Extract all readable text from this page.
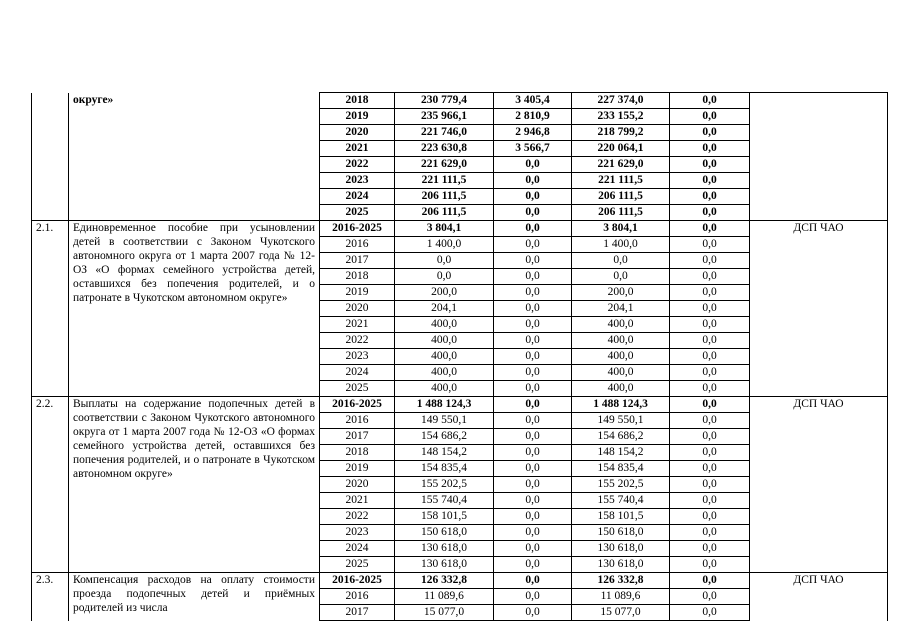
	округе»	2018	230 779,4	3 405,4	227 374,0	0,0	
		2019	235 966,1	2 810,9	233 155,2	0,0	
		2020	221 746,0	2 946,8	218 799,2	0,0	
		2021	223 630,8	3 566,7	220 064,1	0,0	
		2022	221 629,0	0,0	221 629,0	0,0	
		2023	221 111,5	0,0	221 111,5	0,0	
		2024	206 111,5	0,0	206 111,5	0,0	
		2025	206 111,5	0,0	206 111,5	0,0	
2.1.	Единовременное пособие при усыновлении детей в соответствии с Законом Чукотского автономного округа от 1 марта 2007 года № 12-ОЗ «О формах семейного устройства детей, оставшихся без попечения родителей, и о патронате в Чукотском автономном округе»	2016-2025	3 804,1	0,0	3 804,1	0,0	ДСП ЧАО
		2016	1 400,0	0,0	1 400,0	0,0	
		2017	0,0	0,0	0,0	0,0	
		2018	0,0	0,0	0,0	0,0	
		2019	200,0	0,0	200,0	0,0	
		2020	204,1	0,0	204,1	0,0	
		2021	400,0	0,0	400,0	0,0	
		2022	400,0	0,0	400,0	0,0	
		2023	400,0	0,0	400,0	0,0	
		2024	400,0	0,0	400,0	0,0	
		2025	400,0	0,0	400,0	0,0	
2.2.	Выплаты на содержание подопечных детей в соответствии с Законом Чукотского автономного округа от 1 марта 2007 года № 12-ОЗ «О формах семейного устройства детей, оставшихся без попечения родителей, и о патронате в Чукотском автономном округе»	2016-2025	1 488 124,3	0,0	1 488 124,3	0,0	ДСП ЧАО
		2016	149 550,1	0,0	149 550,1	0,0	
		2017	154 686,2	0,0	154 686,2	0,0	
		2018	148 154,2	0,0	148 154,2	0,0	
		2019	154 835,4	0,0	154 835,4	0,0	
		2020	155 202,5	0,0	155 202,5	0,0	
		2021	155 740,4	0,0	155 740,4	0,0	
		2022	158 101,5	0,0	158 101,5	0,0	
		2023	150 618,0	0,0	150 618,0	0,0	
		2024	130 618,0	0,0	130 618,0	0,0	
		2025	130 618,0	0,0	130 618,0	0,0	
2.3.	Компенсация расходов на оплату стоимости проезда подопечных детей и приёмных родителей из числа	2016-2025	126 332,8	0,0	126 332,8	0,0	ДСП ЧАО
		2016	11 089,6	0,0	11 089,6	0,0	
		2017	15 077,0	0,0	15 077,0	0,0	
